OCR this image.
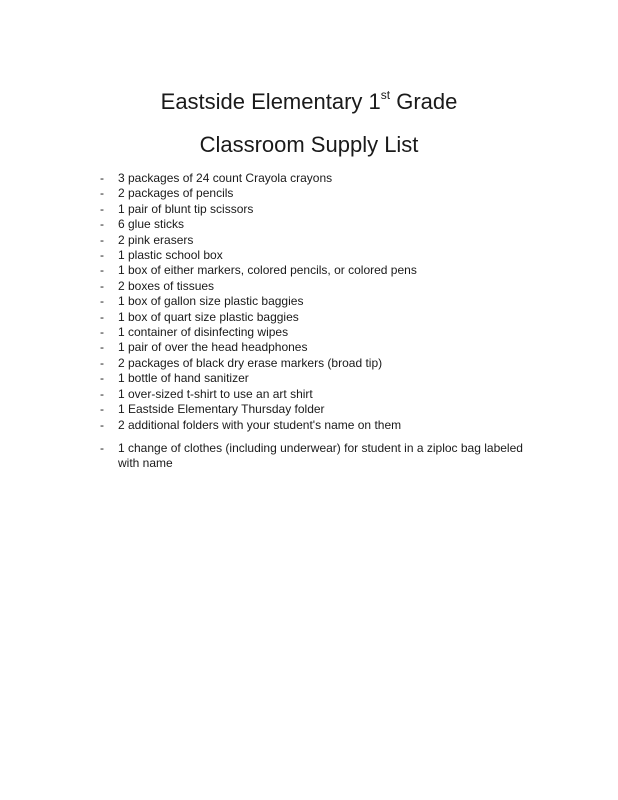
Eastside Elementary 1st Grade
Classroom Supply List
- 3 packages of 24 count Crayola crayons
- 2 packages of pencils
- 1 pair of blunt tip scissors
- 6 glue sticks
- 2 pink erasers
- 1 plastic school box
- 1 box of either markers, colored pencils, or colored pens
- 2 boxes of tissues
- 1 box of gallon size plastic baggies
- 1 box of quart size plastic baggies
- 1 container of disinfecting wipes
- 1 pair of over the head headphones
- 2 packages of black dry erase markers (broad tip)
- 1 bottle of hand sanitizer
- 1 over-sized t-shirt to use an art shirt
- 1 Eastside Elementary Thursday folder
- 2 additional folders with your student's name on them
- 1 change of clothes (including underwear) for student in a ziploc bag labeled with name
